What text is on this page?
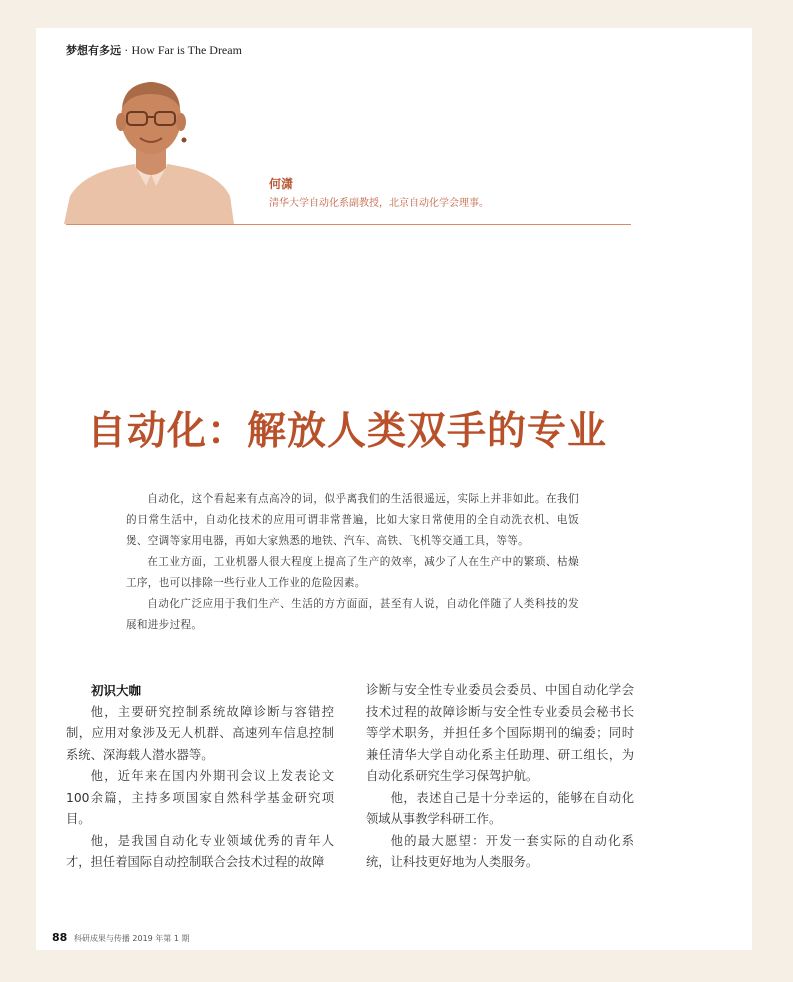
梦想有多远 · How Far is The Dream
何潇
清华大学自动化系副教授，北京自动化学会理事。
自动化：解放人类双手的专业

自动化，这个看起来有点高冷的词，似乎离我们的生活很遥远，实际上并非如此。在我们的日常生活中，自动化技术的应用可谓非常普遍，比如大家日常使用的全自动洗衣机、电饭煲、空调等家用电器，再如大家熟悉的地铁、汽车、高铁、飞机等交通工具，等等。

在工业方面，工业机器人很大程度上提高了生产的效率，减少了人在生产中的繁琐、枯燥工序，也可以排除一些行业人工作业的危险因素。

自动化广泛应用于我们生产、生活的方方面面，甚至有人说，自动化伴随了人类科技的发展和进步过程。

初识大咖

他，主要研究控制系统故障诊断与容错控制，应用对象涉及无人机群、高速列车信息控制系统、深海载人潜水器等。

他，近年来在国内外期刊会议上发表论文100余篇，主持多项国家自然科学基金研究项目。

他，是我国自动化专业领域优秀的青年人才，担任着国际自动控制联合会技术过程的故障

诊断与安全性专业委员会委员、中国自动化学会技术过程的故障诊断与安全性专业委员会秘书长等学术职务，并担任多个国际期刊的编委；同时兼任清华大学自动化系主任助理、研工组长，为自动化系研究生学习保驾护航。

他，表述自己是十分幸运的，能够在自动化领域从事教学科研工作。

他的最大愿望：开发一套实际的自动化系统，让科技更好地为人类服务。

88 科研成果与传播 2019 年第 1 期
